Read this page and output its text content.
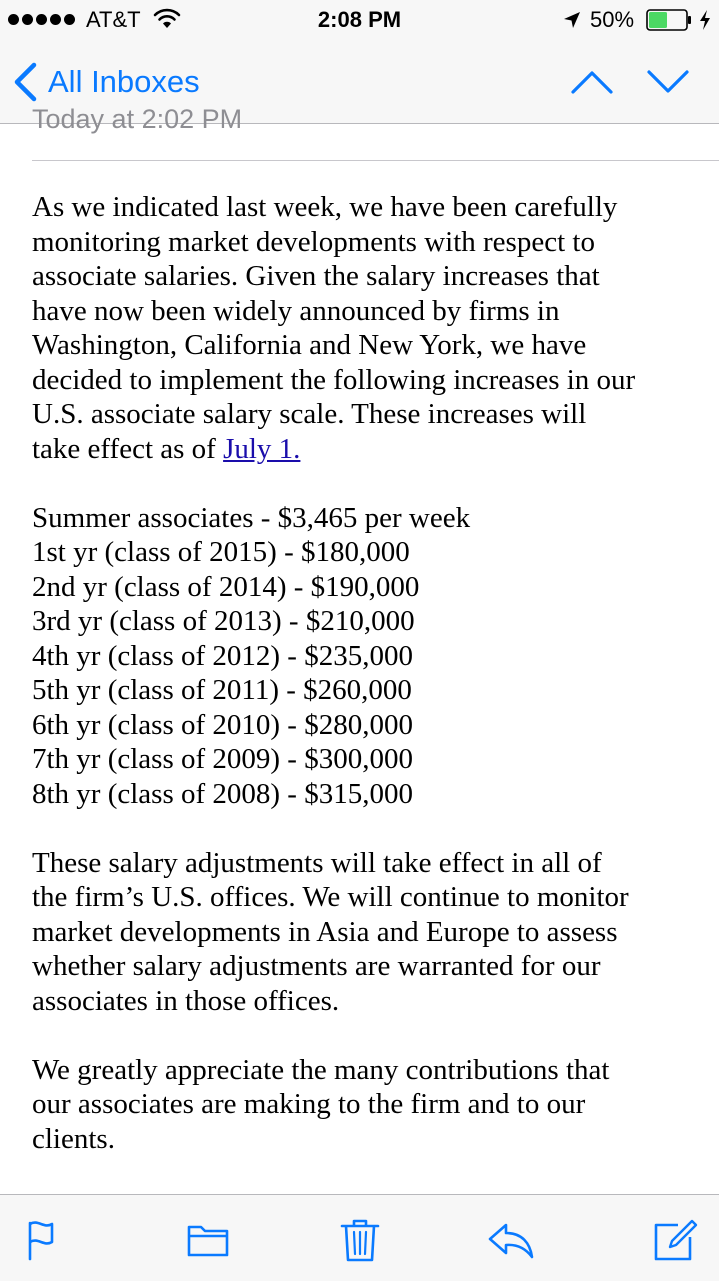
AT&T	2:08 PM	50%
All Inboxes
Today at 2:02 PM

As we indicated last week, we have been carefully
monitoring market developments with respect to
associate salaries. Given the salary increases that
have now been widely announced by firms in
Washington, California and New York, we have
decided to implement the following increases in our
U.S. associate salary scale. These increases will
take effect as of July 1.

Summer associates - $3,465 per week
1st yr (class of 2015) - $180,000
2nd yr (class of 2014) - $190,000
3rd yr (class of 2013) - $210,000
4th yr (class of 2012) - $235,000
5th yr (class of 2011) - $260,000
6th yr (class of 2010) - $280,000
7th yr (class of 2009) - $300,000
8th yr (class of 2008) - $315,000

These salary adjustments will take effect in all of
the firm’s U.S. offices. We will continue to monitor
market developments in Asia and Europe to assess
whether salary adjustments are warranted for our
associates in those offices.

We greatly appreciate the many contributions that
our associates are making to the firm and to our
clients.
